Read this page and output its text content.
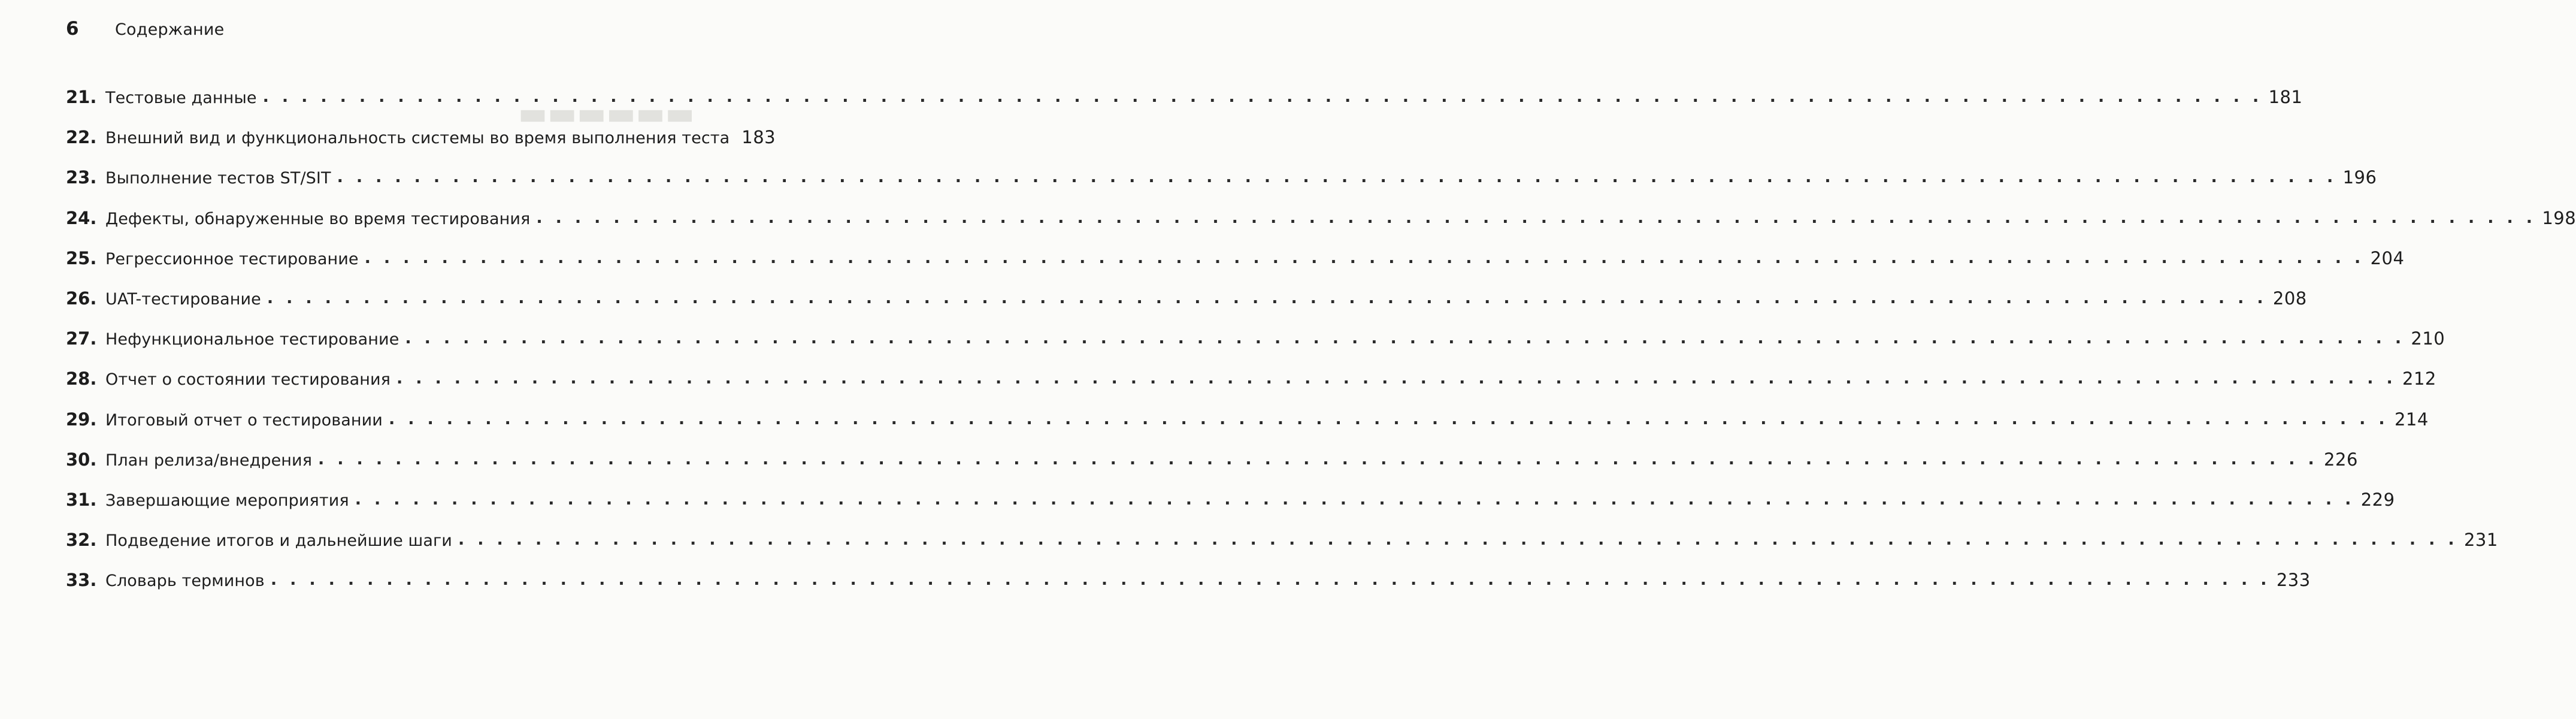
▬▬▬▬▬▬
6	Содержание
21. Тестовые данные . . . . . . . . . . . . . . . . . . . . . . . . . . . . . . . . . . . . . . . . . . . . . . . . . . . . . . . . . . . . . . . . . . . . . . . . . . . . . . . . . . . . . . . . . . . . . . . . . . . . . . . . 181
22. Внешний вид и функциональность системы во время выполнения теста 183
23. Выполнение тестов ST/SIT . . . . . . . . . . . . . . . . . . . . . . . . . . . . . . . . . . . . . . . . . . . . . . . . . . . . . . . . . . . . . . . . . . . . . . . . . . . . . . . . . . . . . . . . . . . . . . . . . . . . . . . . 196
24. Дефекты, обнаруженные во время тестирования . . . . . . . . . . . . . . . . . . . . . . . . . . . . . . . . . . . . . . . . . . . . . . . . . . . . . . . . . . . . . . . . . . . . . . . . . . . . . . . . . . . . . . . . . . . . . . . . . . . . . . . . 198
25. Регрессионное тестирование . . . . . . . . . . . . . . . . . . . . . . . . . . . . . . . . . . . . . . . . . . . . . . . . . . . . . . . . . . . . . . . . . . . . . . . . . . . . . . . . . . . . . . . . . . . . . . . . . . . . . . . . 204
26. UAT-тестирование . . . . . . . . . . . . . . . . . . . . . . . . . . . . . . . . . . . . . . . . . . . . . . . . . . . . . . . . . . . . . . . . . . . . . . . . . . . . . . . . . . . . . . . . . . . . . . . . . . . . . . . . 208
27. Нефункциональное тестирование . . . . . . . . . . . . . . . . . . . . . . . . . . . . . . . . . . . . . . . . . . . . . . . . . . . . . . . . . . . . . . . . . . . . . . . . . . . . . . . . . . . . . . . . . . . . . . . . . . . . . . . . 210
28. Отчет о состоянии тестирования . . . . . . . . . . . . . . . . . . . . . . . . . . . . . . . . . . . . . . . . . . . . . . . . . . . . . . . . . . . . . . . . . . . . . . . . . . . . . . . . . . . . . . . . . . . . . . . . . . . . . . . . 212
29. Итоговый отчет о тестировании . . . . . . . . . . . . . . . . . . . . . . . . . . . . . . . . . . . . . . . . . . . . . . . . . . . . . . . . . . . . . . . . . . . . . . . . . . . . . . . . . . . . . . . . . . . . . . . . . . . . . . . . 214
30. План релиза/внедрения . . . . . . . . . . . . . . . . . . . . . . . . . . . . . . . . . . . . . . . . . . . . . . . . . . . . . . . . . . . . . . . . . . . . . . . . . . . . . . . . . . . . . . . . . . . . . . . . . . . . . . . . 226
31. Завершающие мероприятия . . . . . . . . . . . . . . . . . . . . . . . . . . . . . . . . . . . . . . . . . . . . . . . . . . . . . . . . . . . . . . . . . . . . . . . . . . . . . . . . . . . . . . . . . . . . . . . . . . . . . . . . 229
32. Подведение итогов и дальнейшие шаги . . . . . . . . . . . . . . . . . . . . . . . . . . . . . . . . . . . . . . . . . . . . . . . . . . . . . . . . . . . . . . . . . . . . . . . . . . . . . . . . . . . . . . . . . . . . . . . . . . . . . . . . 231
33. Словарь терминов . . . . . . . . . . . . . . . . . . . . . . . . . . . . . . . . . . . . . . . . . . . . . . . . . . . . . . . . . . . . . . . . . . . . . . . . . . . . . . . . . . . . . . . . . . . . . . . . . . . . . . . . 233
